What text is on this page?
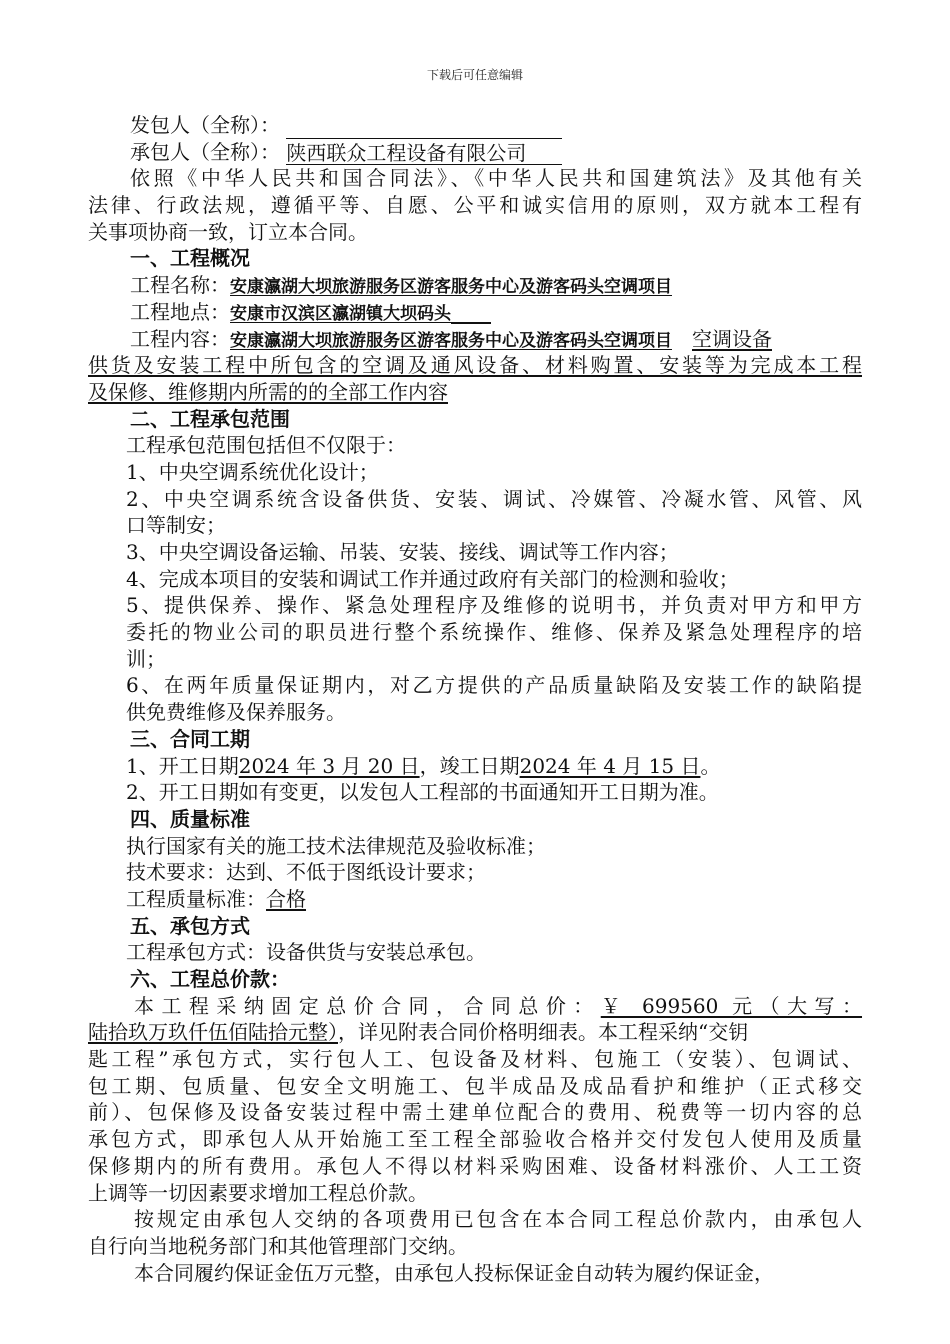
下载后可任意编辑
发包人（全称）：
承包人（全称）： 陕西联众工程设备有限公司
依照《中华人民共和国合同法》、《中华人民共和国建筑法》及其他有关
法律、行政法规，遵循平等、自愿、公平和诚实信用的原则，双方就本工程有
关事项协商一致，订立本合同。
一、工程概况
工程名称：安康瀛湖大坝旅游服务区游客服务中心及游客码头空调项目
工程地点：安康市汉滨区瀛湖镇大坝码头  
工程内容：安康瀛湖大坝旅游服务区游客服务中心及游客码头空调项目  空调设备
供货及安装工程中所包含的空调及通风设备、材料购置、安装等为完成本工程
及保修、维修期内所需的的全部工作内容
二、工程承包范围
工程承包范围包括但不仅限于：
1、中央空调系统优化设计；
2、中央空调系统含设备供货、安装、调试、冷媒管、冷凝水管、风管、风
口等制安；
3、中央空调设备运输、吊装、安装、接线、调试等工作内容；
4、完成本项目的安装和调试工作并通过政府有关部门的检测和验收；
5、提供保养、操作、紧急处理程序及维修的说明书，并负责对甲方和甲方
委托的物业公司的职员进行整个系统操作、维修、保养及紧急处理程序的培
训；
6、在两年质量保证期内，对乙方提供的产品质量缺陷及安装工作的缺陷提
供免费维修及保养服务。
三、合同工期
1、开工日期2024 年 3 月 20 日，竣工日期2024 年 4 月 15 日。
2、开工日期如有变更，以发包人工程部的书面通知开工日期为准。
四、质量标准
执行国家有关的施工技术法律规范及验收标准；
技术要求：达到、不低于图纸设计要求；
工程质量标准：合格
五、承包方式
工程承包方式：设备供货与安装总承包。
六、工程总价款：
本工程采纳固定总价合同，合同总价：￥ 699560 元（大写：
陆拾玖万玖仟伍佰陆拾元整），详见附表合同价格明细表。本工程采纳“交钥
匙工程”承包方式，实行包人工、包设备及材料、包施工（安装）、包调试、
包工期、包质量、包安全文明施工、包半成品及成品看护和维护（正式移交
前）、包保修及设备安装过程中需土建单位配合的费用、税费等一切内容的总
承包方式，即承包人从开始施工至工程全部验收合格并交付发包人使用及质量
保修期内的所有费用。承包人不得以材料采购困难、设备材料涨价、人工工资
上调等一切因素要求增加工程总价款。
按规定由承包人交纳的各项费用已包含在本合同工程总价款内，由承包人
自行向当地税务部门和其他管理部门交纳。
本合同履约保证金伍万元整，由承包人投标保证金自动转为履约保证金，
